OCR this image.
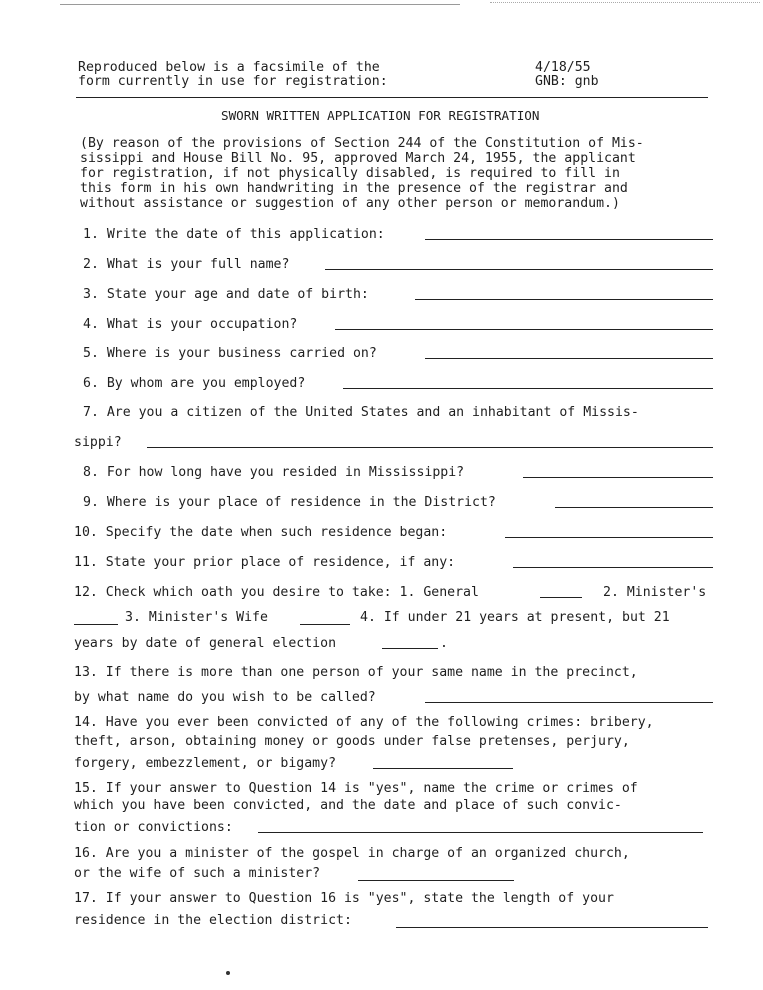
Reproduced below is a facsimile of the
form currently in use for registration:
4/18/55
GNB: gnb
SWORN WRITTEN APPLICATION FOR REGISTRATION
(By reason of the provisions of Section 244 of the Constitution of Mis-
sissippi and House Bill No. 95, approved March 24, 1955, the applicant
for registration, if not physically disabled, is required to fill in
this form in his own handwriting in the presence of the registrar and
without assistance or suggestion of any other person or memorandum.)
1. Write the date of this application:
2. What is your full name?
3. State your age and date of birth:
4. What is your occupation?
5. Where is your business carried on?
6. By whom are you employed?
7. Are you a citizen of the United States and an inhabitant of Missis-
sippi?
8. For how long have you resided in Mississippi?
9. Where is your place of residence in the District?
10. Specify the date when such residence began:
11. State your prior place of residence, if any:
12. Check which oath you desire to take: 1. General	2. Minister's
3. Minister's Wife	4. If under 21 years at present, but 21
years by date of general election	.
13. If there is more than one person of your same name in the precinct,
by what name do you wish to be called?
14. Have you ever been convicted of any of the following crimes: bribery,
theft, arson, obtaining money or goods under false pretenses, perjury,
forgery, embezzlement, or bigamy?
15. If your answer to Question 14 is "yes", name the crime or crimes of
which you have been convicted, and the date and place of such convic-
tion or convictions:
16. Are you a minister of the gospel in charge of an organized church,
or the wife of such a minister?
17. If your answer to Question 16 is "yes", state the length of your
residence in the election district:
